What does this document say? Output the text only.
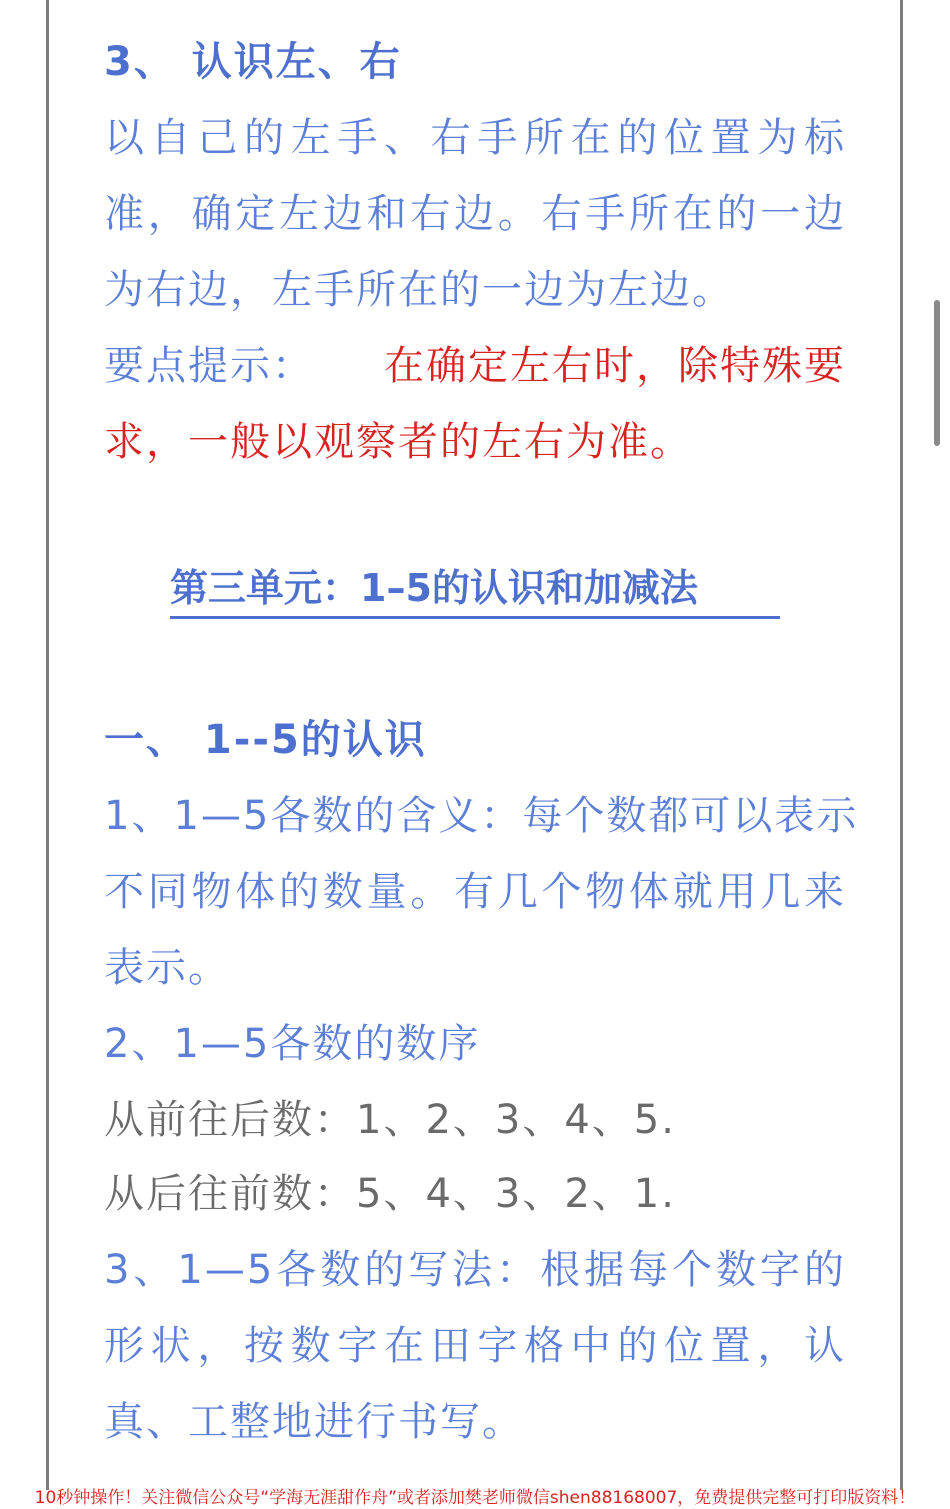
3、 认识左、右
以自己的左手、右手所在的位置为标
准，确定左边和右边。右手所在的一边
为右边，左手所在的一边为左边。
要点提示： 在确定左右时，除特殊要
求，一般以观察者的左右为准。
第三单元：1–5的认识和加减法
一、 1--5的认识
1、1—5各数的含义：每个数都可以表示
不同物体的数量。有几个物体就用几来
表示。
2、1—5各数的数序
从前往后数：1、2、3、4、5.
从后往前数：5、4、3、2、1.
3、1—5各数的写法：根据每个数字的
形状，按数字在田字格中的位置，认
真、工整地进行书写。
10秒钟操作！关注微信公众号“学海无涯甜作舟”或者添加樊老师微信shen88168007，免费提供完整可打印版资料！
